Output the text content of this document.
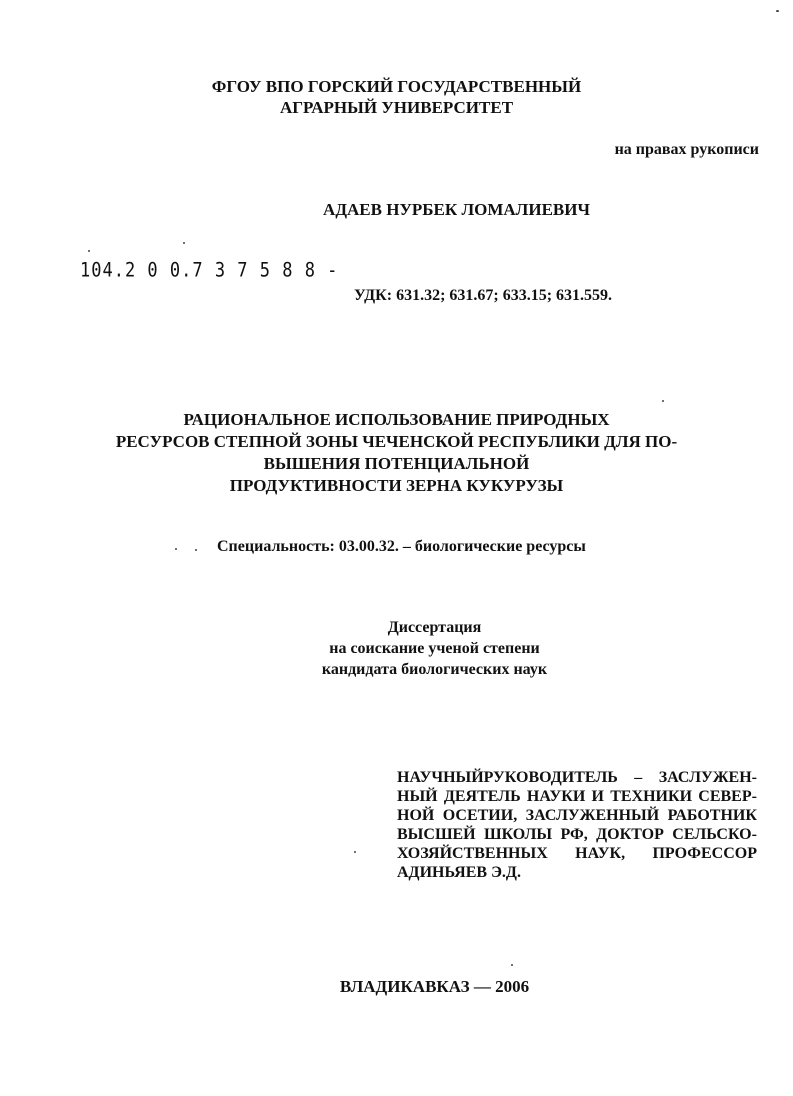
ФГОУ ВПО ГОРСКИЙ ГОСУДАРСТВЕННЫЙ
АГРАРНЫЙ УНИВЕРСИТЕТ
на правах рукописи
АДАЕВ НУРБЕК ЛОМАЛИЕВИЧ
104.2 0 0.7 3 7 5 8 8 -
УДК: 631.32; 631.67; 633.15; 631.559.
РАЦИОНАЛЬНОЕ ИСПОЛЬЗОВАНИЕ ПРИРОДНЫХ
РЕСУРСОВ СТЕПНОЙ ЗОНЫ ЧЕЧЕНСКОЙ РЕСПУБЛИКИ ДЛЯ ПО-
ВЫШЕНИЯ ПОТЕНЦИАЛЬНОЙ
ПРОДУКТИВНОСТИ ЗЕРНА КУКУРУЗЫ
Специальность: 03.00.32. – биологические ресурсы
Диссертация
на соискание ученой степени
кандидата биологических наук
НАУЧНЫЙРУКОВОДИТЕЛЬ – ЗАСЛУЖЕН-
НЫЙ ДЕЯТЕЛЬ НАУКИ И ТЕХНИКИ СЕВЕР-
НОЙ ОСЕТИИ, ЗАСЛУЖЕННЫЙ РАБОТНИК
ВЫСШЕЙ ШКОЛЫ РФ, ДОКТОР СЕЛЬСКО-
ХОЗЯЙСТВЕННЫХ НАУК, ПРОФЕССОР
АДИНЬЯЕВ Э.Д.
ВЛАДИКАВКАЗ — 2006
